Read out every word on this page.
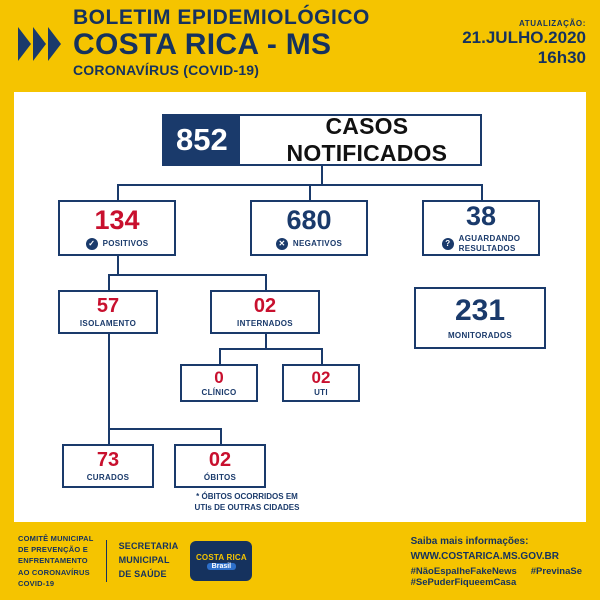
BOLETIM EPIDEMIOLÓGICO
COSTA RICA - MS
CORONAVÍRUS (COVID-19)
ATUALIZAÇÃO:
21.JULHO.2020
16h30
852	CASOS NOTIFICADOS
134
✓ POSITIVOS
680
✕ NEGATIVOS
38
?	AGUARDANDO
RESULTADOS
57
ISOLAMENTO
02
INTERNADOS	231
MONITORADOS
0
CLÍNICO
02
UTI
73
CURADOS
02
ÓBITOS
* ÓBITOS OCORRIDOS EM
UTIs DE OUTRAS CIDADES
COMITÊ MUNICIPAL
DE PREVENÇÃO E
ENFRENTAMENTO
AO CORONAVÍRUS
COVID-19
SECRETARIA
MUNICIPAL
DE SAÚDE
COSTA RICA
Brasil
Saiba mais informações:
WWW.COSTARICA.MS.GOV.BR
#NãoEspalheFakeNews #PrevinaSe
#SePuderFiqueemCasa
